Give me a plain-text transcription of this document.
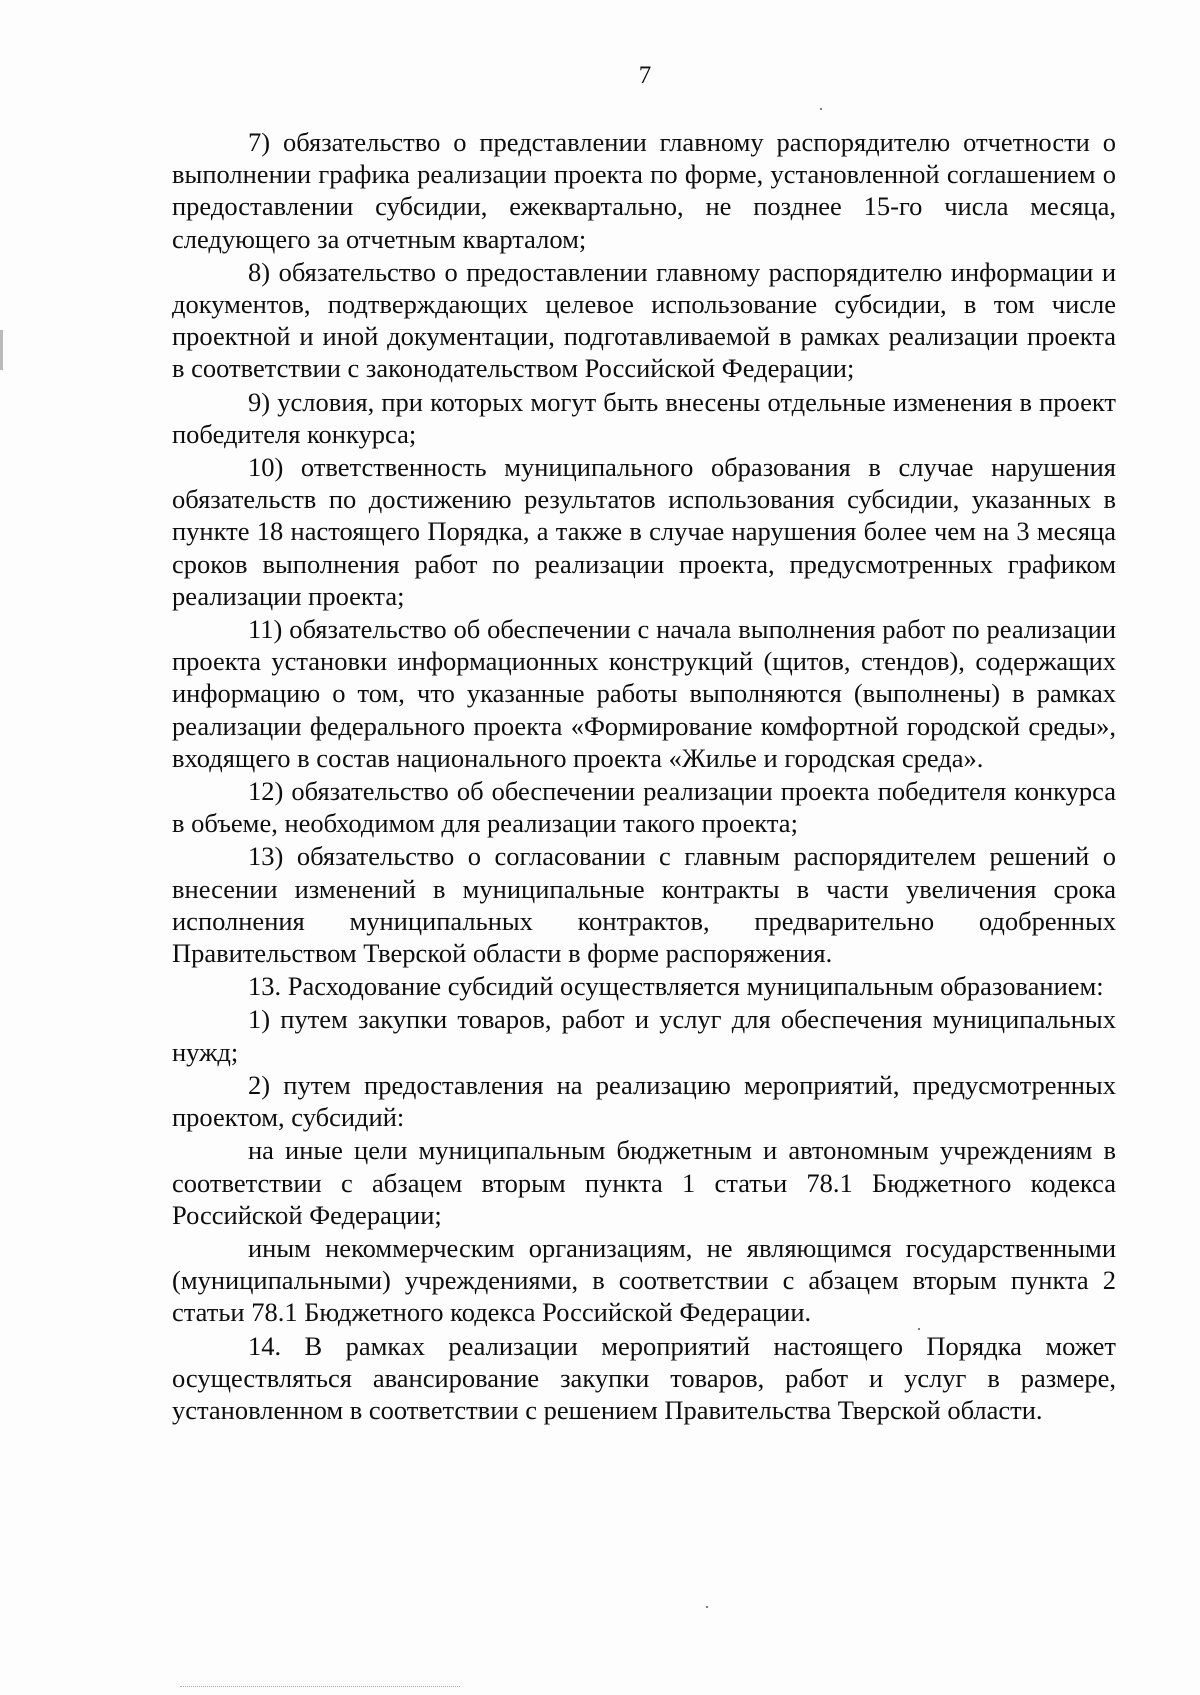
7

7) обязательство о представлении главному распорядителю отчетности о выполнении графика реализации проекта по форме, установленной соглашением о предоставлении субсидии, ежеквартально, не позднее 15-го числа месяца, следующего за отчетным кварталом;

8) обязательство о предоставлении главному распорядителю информации и документов, подтверждающих целевое использование субсидии, в том числе проектной и иной документации, подготавливаемой в рамках реализации проекта в соответствии с законодательством Российской Федерации;

9) условия, при которых могут быть внесены отдельные изменения в проект победителя конкурса;

10) ответственность муниципального образования в случае нарушения обязательств по достижению результатов использования субсидии, указанных в пункте 18 настоящего Порядка, а также в случае нарушения более чем на 3 месяца сроков выполнения работ по реализации проекта, предусмотренных графиком реализации проекта;

11) обязательство об обеспечении с начала выполнения работ по реализации проекта установки информационных конструкций (щитов, стендов), содержащих информацию о том, что указанные работы выполняются (выполнены) в рамках реализации федерального проекта «Формирование комфортной городской среды», входящего в состав национального проекта «Жилье и городская среда».

12) обязательство об обеспечении реализации проекта победителя конкурса в объеме, необходимом для реализации такого проекта;

13) обязательство о согласовании с главным распорядителем решений о внесении изменений в муниципальные контракты в части увеличения срока исполнения муниципальных контрактов, предварительно одобренных Правительством Тверской области в форме распоряжения.

13. Расходование субсидий осуществляется муниципальным образованием:

1) путем закупки товаров, работ и услуг для обеспечения муниципальных нужд;

2) путем предоставления на реализацию мероприятий, предусмотренных проектом, субсидий:

на иные цели муниципальным бюджетным и автономным учреждениям в соответствии с абзацем вторым пункта 1 статьи 78.1 Бюджетного кодекса Российской Федерации;

иным некоммерческим организациям, не являющимся государственными (муниципальными) учреждениями, в соответствии с абзацем вторым пункта 2 статьи 78.1 Бюджетного кодекса Российской Федерации.

14. В рамках реализации мероприятий настоящего Порядка может осуществляться авансирование закупки товаров, работ и услуг в размере, установленном в соответствии с решением Правительства Тверской области.
